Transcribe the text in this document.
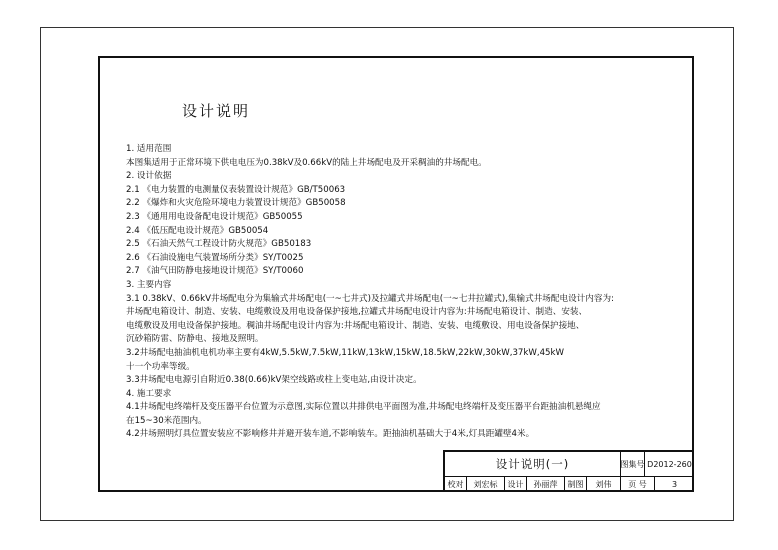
设计说明
1. 适用范围
本图集适用于正常环境下供电电压为0.38kV及0.66kV的陆上井场配电及开采稠油的井场配电。
2. 设计依据
2.1 《电力装置的电测量仪表装置设计规范》GB/T50063
2.2 《爆炸和火灾危险环境电力装置设计规范》GB50058
2.3 《通用用电设备配电设计规范》GB50055
2.4 《低压配电设计规范》GB50054
2.5 《石油天然气工程设计防火规范》GB50183
2.6 《石油设施电气装置场所分类》SY/T0025
2.7 《油气田防静电接地设计规范》SY/T0060
3. 主要内容
3.1 0.38kV、0.66kV井场配电分为集输式井场配电(一~七井式)及拉罐式井场配电(一~七井拉罐式),集输式井场配电设计内容为:
井场配电箱设计、制造、安装、电缆敷设及用电设备保护接地,拉罐式井场配电设计内容为:井场配电箱设计、制造、安装、
电缆敷设及用电设备保护接地。稠油井场配电设计内容为:井场配电箱设计、制造、安装、电缆敷设、用电设备保护接地、
沉砂箱防雷、防静电、接地及照明。
3.2井场配电抽油机电机功率主要有4kW,5.5kW,7.5kW,11kW,13kW,15kW,18.5kW,22kW,30kW,37kW,45kW
十一个功率等级。
3.3井场配电电源引自附近0.38(0.66)kV架空线路或柱上变电站,由设计决定。
4. 施工要求
4.1井场配电终端杆及变压器平台位置为示意图,实际位置以井排供电平面图为准,井场配电终端杆及变压器平台距抽油机悬绳应
在15~30米范围内。
4.2井场照明灯具位置安装应不影响修井并避开装车道,不影响装车。距抽油机基础大于4米,灯具距罐壁4米。
设计说明(一)	图集号 D2012-260
校对	刘宏标	设计	孙丽萍	制图	刘伟	页 号	3
